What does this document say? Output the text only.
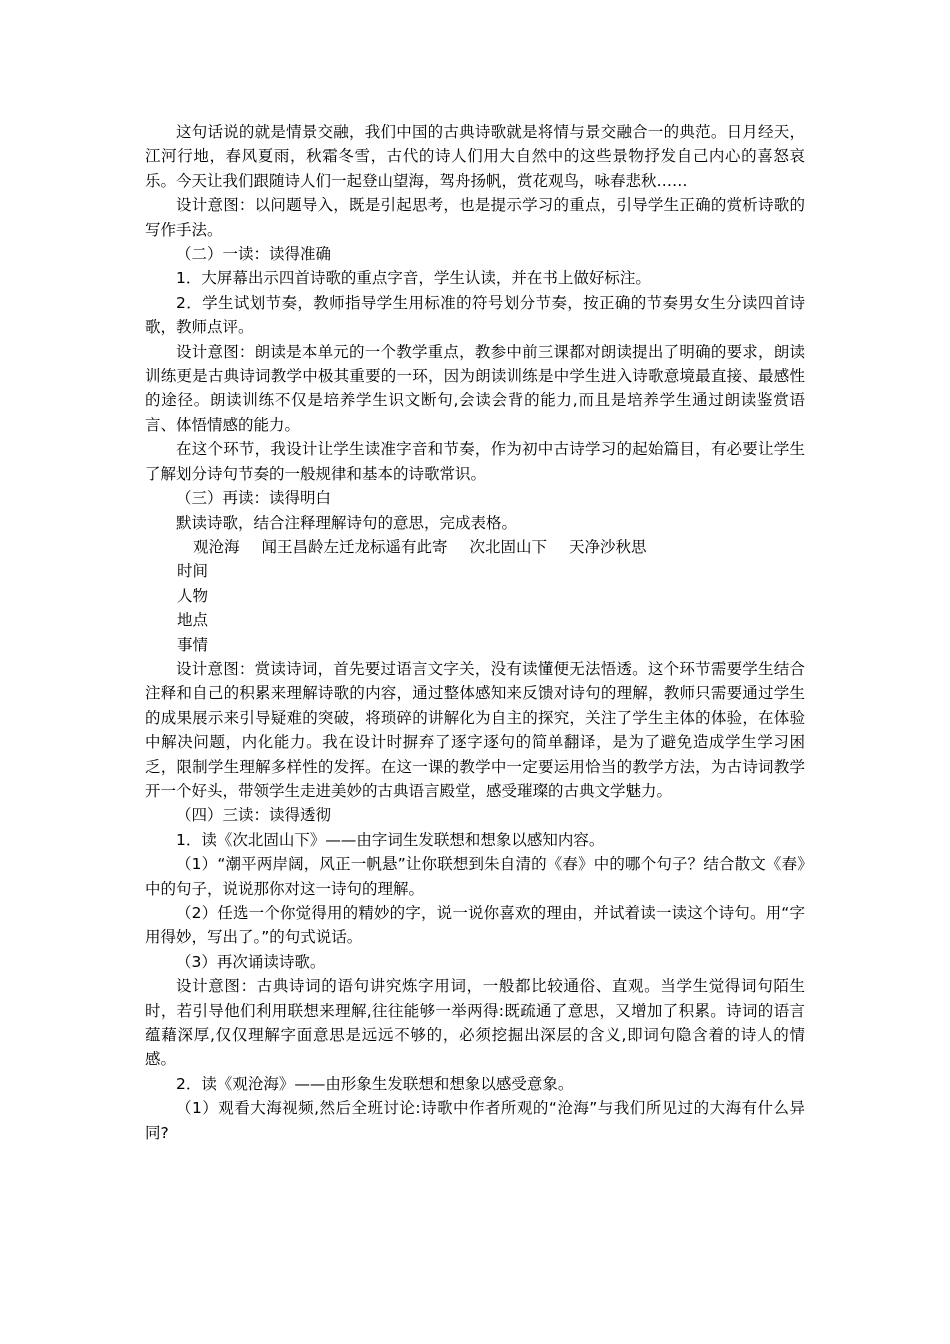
这句话说的就是情景交融，我们中国的古典诗歌就是将情与景交融合一的典范。日月经天，江河行地，春风夏雨，秋霜冬雪，古代的诗人们用大自然中的这些景物抒发自己内心的喜怒哀乐。今天让我们跟随诗人们一起登山望海，驾舟扬帆，赏花观鸟，咏春悲秋……

设计意图：以问题导入，既是引起思考，也是提示学习的重点，引导学生正确的赏析诗歌的写作手法。

（二）一读：读得准确

1．大屏幕出示四首诗歌的重点字音，学生认读，并在书上做好标注。

2．学生试划节奏，教师指导学生用标准的符号划分节奏，按正确的节奏男女生分读四首诗歌，教师点评。

设计意图：朗读是本单元的一个教学重点，教参中前三课都对朗读提出了明确的要求，朗读训练更是古典诗词教学中极其重要的一环，因为朗读训练是中学生进入诗歌意境最直接、最感性的途径。朗读训练不仅是培养学生识文断句,会读会背的能力,而且是培养学生通过朗读鉴赏语言、体悟情感的能力。

在这个环节，我设计让学生读准字音和节奏，作为初中古诗学习的起始篇目，有必要让学生了解划分诗句节奏的一般规律和基本的诗歌常识。

（三）再读：读得明白

默读诗歌，结合注释理解诗句的意思，完成表格。

观沧海 闻王昌龄左迁龙标遥有此寄 次北固山下 天净沙秋思
时间
人物
地点
事情

设计意图：赏读诗词，首先要过语言文字关，没有读懂便无法悟透。这个环节需要学生结合注释和自己的积累来理解诗歌的内容，通过整体感知来反馈对诗句的理解，教师只需要通过学生的成果展示来引导疑难的突破，将琐碎的讲解化为自主的探究，关注了学生主体的体验，在体验中解决问题，内化能力。我在设计时摒弃了逐字逐句的简单翻译，是为了避免造成学生学习困乏，限制学生理解多样性的发挥。在这一课的教学中一定要运用恰当的教学方法，为古诗词教学开一个好头，带领学生走进美妙的古典语言殿堂，感受璀璨的古典文学魅力。

（四）三读：读得透彻

1．读《次北固山下》——由字词生发联想和想象以感知内容。

（1）“潮平两岸阔，风正一帆悬”让你联想到朱自清的《春》中的哪个句子？结合散文《春》中的句子，说说那你对这一诗句的理解。

（2）任选一个你觉得用的精妙的字，说一说你喜欢的理由，并试着读一读这个诗句。用“字用得妙，写出了。”的句式说话。

（3）再次诵读诗歌。

设计意图：古典诗词的语句讲究炼字用词，一般都比较通俗、直观。当学生觉得词句陌生时，若引导他们利用联想来理解,往往能够一举两得:既疏通了意思，又增加了积累。诗词的语言蕴藉深厚,仅仅理解字面意思是远远不够的，必须挖掘出深层的含义,即词句隐含着的诗人的情感。

2．读《观沧海》——由形象生发联想和想象以感受意象。

（1）观看大海视频,然后全班讨论:诗歌中作者所观的“沧海”与我们所见过的大海有什么异同?
